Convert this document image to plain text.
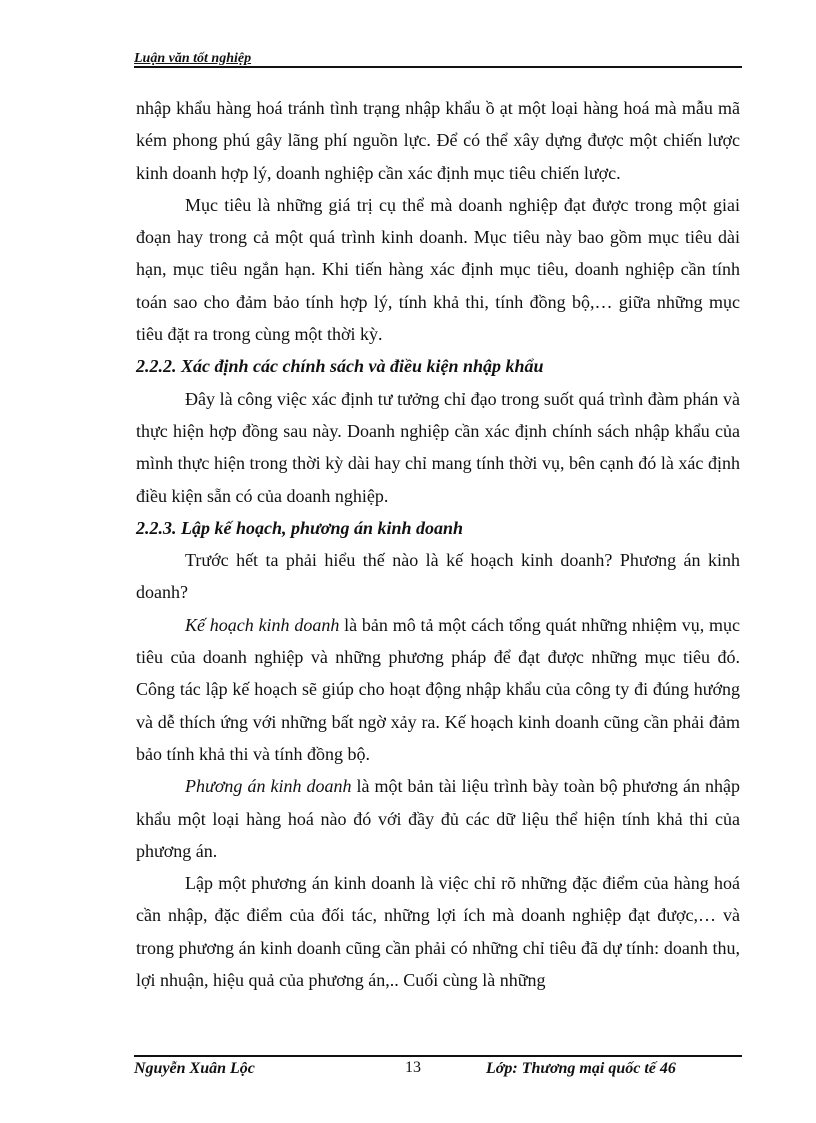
Luận văn tốt nghiệp

nhập khẩu hàng hoá tránh tình trạng nhập khẩu ồ ạt một loại hàng hoá mà mẫu mã kém phong phú gây lãng phí nguồn lực. Để có thể xây dựng được một chiến lược kinh doanh hợp lý, doanh nghiệp cần xác định mục tiêu chiến lược.

Mục tiêu là những giá trị cụ thể mà doanh nghiệp đạt được trong một giai đoạn hay trong cả một quá trình kinh doanh. Mục tiêu này bao gồm mục tiêu dài hạn, mục tiêu ngắn hạn. Khi tiến hàng xác định mục tiêu, doanh nghiệp cần tính toán sao cho đảm bảo tính hợp lý, tính khả thi, tính đồng bộ,… giữa những mục tiêu đặt ra trong cùng một thời kỳ.

2.2.2. Xác định các chính sách và điều kiện nhập khẩu

Đây là công việc xác định tư tưởng chỉ đạo trong suốt quá trình đàm phán và thực hiện hợp đồng sau này. Doanh nghiệp cần xác định chính sách nhập khẩu của mình thực hiện trong thời kỳ dài hay chỉ mang tính thời vụ, bên cạnh đó là xác định điều kiện sẵn có của doanh nghiệp.

2.2.3. Lập kế hoạch, phương án kinh doanh

Trước hết ta phải hiểu thế nào là kế hoạch kinh doanh? Phương án kinh doanh?

Kế hoạch kinh doanh là bản mô tả một cách tổng quát những nhiệm vụ, mục tiêu của doanh nghiệp và những phương pháp để đạt được những mục tiêu đó. Công tác lập kế hoạch sẽ giúp cho hoạt động nhập khẩu của công ty đi đúng hướng và dễ thích ứng với những bất ngờ xảy ra. Kế hoạch kinh doanh cũng cần phải đảm bảo tính khả thi và tính đồng bộ.

Phương án kinh doanh là một bản tài liệu trình bày toàn bộ phương án nhập khẩu một loại hàng hoá nào đó với đầy đủ các dữ liệu thể hiện tính khả thi của phương án.

Lập một phương án kinh doanh là việc chỉ rõ những đặc điểm của hàng hoá cần nhập, đặc điểm của đối tác, những lợi ích mà doanh nghiệp đạt được,… và trong phương án kinh doanh cũng cần phải có những chỉ tiêu đã dự tính: doanh thu, lợi nhuận, hiệu quả của phương án,.. Cuối cùng là những

Nguyễn Xuân Lộc	13	Lớp: Thương mại quốc tế 46
